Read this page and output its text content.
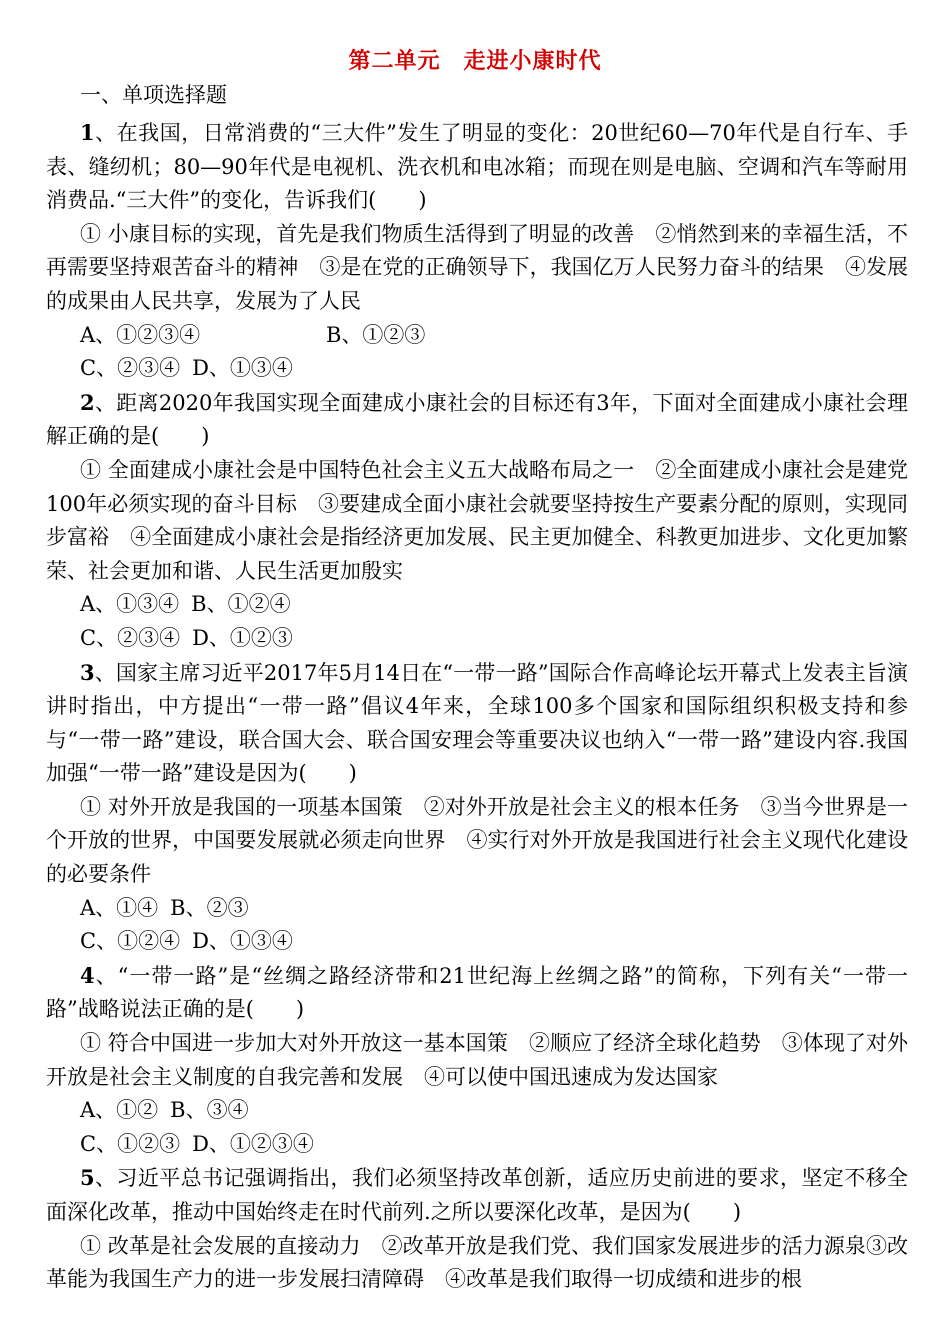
第二单元　走进小康时代
一、单项选择题

1、在我国，日常消费的“三大件”发生了明显的变化：20世纪60—70年代是自行车、手表、缝纫机；80—90年代是电视机、洗衣机和电冰箱；而现在则是电脑、空调和汽车等耐用消费品.“三大件”的变化，告诉我们(　　)

① 小康目标的实现，首先是我们物质生活得到了明显的改善　②悄然到来的幸福生活，不再需要坚持艰苦奋斗的精神　③是在党的正确领导下，我国亿万人民努力奋斗的结果　④发展的成果由人民共享，发展为了人民

A、①②③④	B、①②③

C、②③④ D、①③④

2、距离2020年我国实现全面建成小康社会的目标还有3年，下面对全面建成小康社会理解正确的是(　　)

① 全面建成小康社会是中国特色社会主义五大战略布局之一　②全面建成小康社会是建党100年必须实现的奋斗目标　③要建成全面小康社会就要坚持按生产要素分配的原则，实现同步富裕　④全面建成小康社会是指经济更加发展、民主更加健全、科教更加进步、文化更加繁荣、社会更加和谐、人民生活更加殷实

A、①③④ B、①②④

C、②③④ D、①②③

3、国家主席习近平2017年5月14日在“一带一路”国际合作高峰论坛开幕式上发表主旨演讲时指出，中方提出“一带一路”倡议4年来，全球100多个国家和国际组织积极支持和参与“一带一路”建设，联合国大会、联合国安理会等重要决议也纳入“一带一路”建设内容.我国加强“一带一路”建设是因为(　　)

① 对外开放是我国的一项基本国策　②对外开放是社会主义的根本任务　③当今世界是一个开放的世界，中国要发展就必须走向世界　④实行对外开放是我国进行社会主义现代化建设的必要条件

A、①④ B、②③

C、①②④ D、①③④

4、“一带一路”是“丝绸之路经济带和21世纪海上丝绸之路”的简称，下列有关“一带一路”战略说法正确的是(　　)

① 符合中国进一步加大对外开放这一基本国策　②顺应了经济全球化趋势　③体现了对外开放是社会主义制度的自我完善和发展　④可以使中国迅速成为发达国家

A、①② B、③④

C、①②③ D、①②③④

5、习近平总书记强调指出，我们必须坚持改革创新，适应历史前进的要求，坚定不移全面深化改革，推动中国始终走在时代前列.之所以要深化改革，是因为(　　)

① 改革是社会发展的直接动力　②改革开放是我们党、我们国家发展进步的活力源泉③改革能为我国生产力的进一步发展扫清障碍　④改革是我们取得一切成绩和进步的根
